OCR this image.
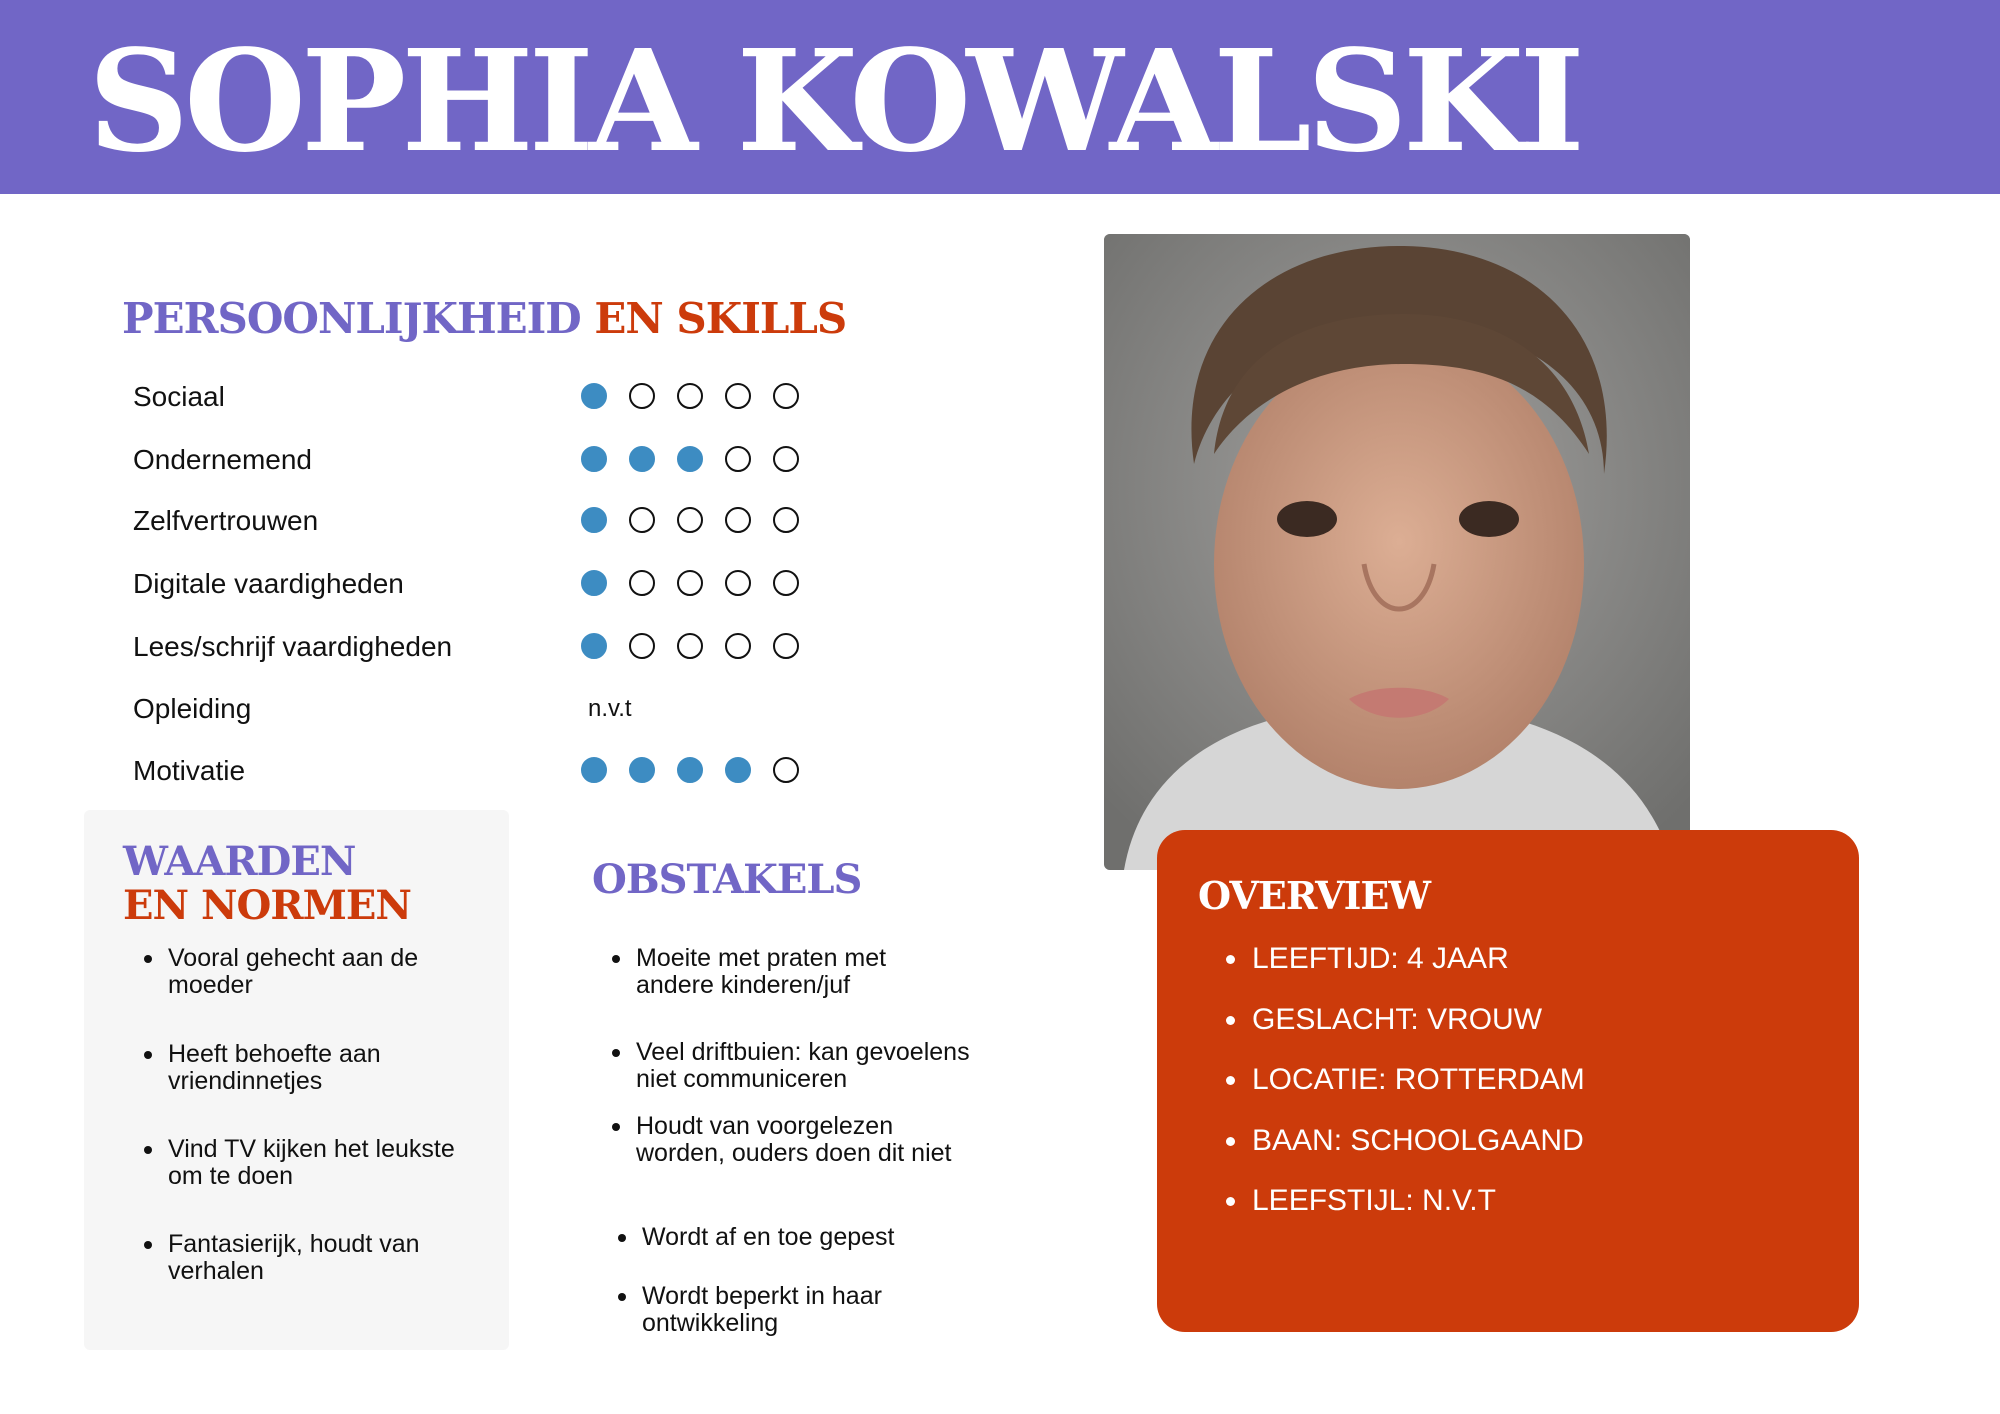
SOPHIA KOWALSKI
PERSOONLIJKHEID EN SKILLS
Sociaal
Ondernemend
Zelfvertrouwen
Digitale vaardigheden
Lees/schrijf vaardigheden
Opleiding	n.v.t
Motivatie
WAARDEN
EN NORMEN
Vooral gehecht aan de moeder
Heeft behoefte aan vriendinnetjes
Vind TV kijken het leukste om te doen
Fantasierijk, houdt van verhalen
OBSTAKELS
Moeite met praten met andere kinderen/juf
Veel driftbuien: kan gevoelens niet communiceren
Houdt van voorgelezen worden, ouders doen dit niet
Wordt af en toe gepest
Wordt beperkt in haar ontwikkeling
OVERVIEW
LEEFTIJD: 4 JAAR
GESLACHT: VROUW
LOCATIE: ROTTERDAM
BAAN: SCHOOLGAAND
LEEFSTIJL: N.V.T
